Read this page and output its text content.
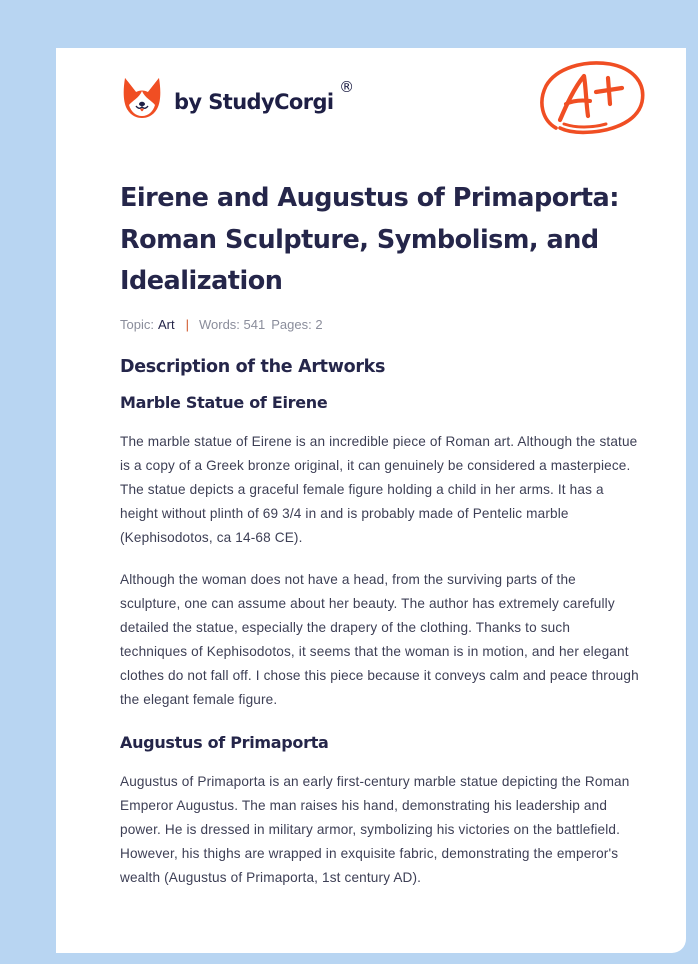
by StudyCorgi
®
Eirene and Augustus of Primaporta: Roman Sculpture, Symbolism, and Idealization
Topic: Art | Words: 541 Pages: 2
Description of the Artworks
Marble Statue of Eirene

The marble statue of Eirene is an incredible piece of Roman art. Although the statue is a copy of a Greek bronze original, it can genuinely be considered a masterpiece. The statue depicts a graceful female figure holding a child in her arms. It has a height without plinth of 69 3/4 in and is probably made of Pentelic marble (Kephisodotos, ca 14-68 CE).

Although the woman does not have a head, from the surviving parts of the sculpture, one can assume about her beauty. The author has extremely carefully detailed the statue, especially the drapery of the clothing. Thanks to such techniques of Kephisodotos, it seems that the woman is in motion, and her elegant clothes do not fall off. I chose this piece because it conveys calm and peace through the elegant female figure.

Augustus of Primaporta

Augustus of Primaporta is an early first-century marble statue depicting the Roman Emperor Augustus. The man raises his hand, demonstrating his leadership and power. He is dressed in military armor, symbolizing his victories on the battlefield. However, his thighs are wrapped in exquisite fabric, demonstrating the emperor's wealth (Augustus of Primaporta, 1st century AD).
